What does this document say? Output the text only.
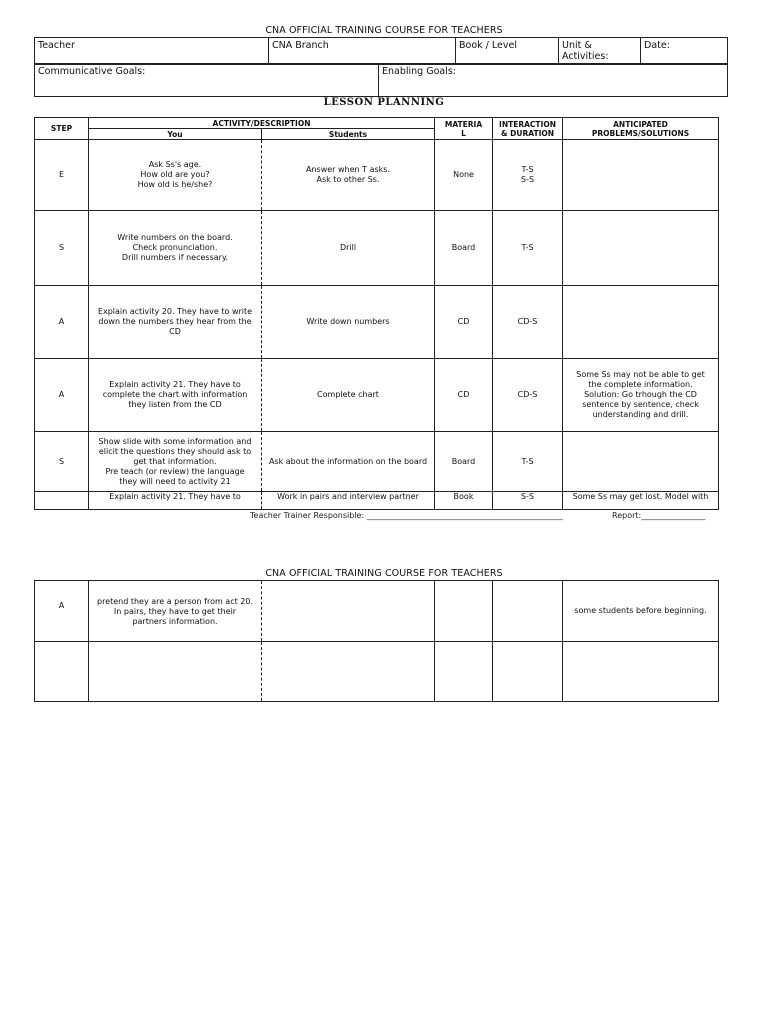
CNA OFFICIAL TRAINING COURSE FOR TEACHERS
Teacher	CNA Branch	Book / Level	Unit &
Activities:	Date:
Communicative Goals:	Enabling Goals:
LESSON PLANNING
STEP	ACTIVITY/DESCRIPTION		MATERIA
L	INTERACTION
& DURATION	ANTICIPATED
PROBLEMS/SOLUTIONS
	You	Students			
E	Ask Ss's age.
How old are you?
How old is he/she?	Answer when T asks.
Ask to other Ss.	None	T-S
S-S	
S	Write numbers on the board.
Check pronunciation.
Drill numbers if necessary.	Drill	Board	T-S	
A	Explain activity 20. They have to write
down the numbers they hear from the
CD	Write down numbers	CD	CD-S	
A	Explain activity 21. They have to
complete the chart with information
they listen from the CD	Complete chart	CD	CD-S	Some Ss may not be able to get
the complete information.
Solution: Go trhough the CD
sentence by sentence, check
understanding and drill.
S	Show slide with some information and
elicit the questions they should ask to
get that information.
Pre teach (or review) the language
they will need to activity 21	Ask about the information on the board	Board	T-S	
	Explain activity 21. They have to	Work in pairs and interview partner	Book	S-S	Some Ss may get lost. Model with
Teacher Trainer Responsible: _________________________________________________	Report:________________
CNA OFFICIAL TRAINING COURSE FOR TEACHERS
A	pretend they are a person from act 20.
In pairs, they have to get their
partners information.				some students before beginning.
